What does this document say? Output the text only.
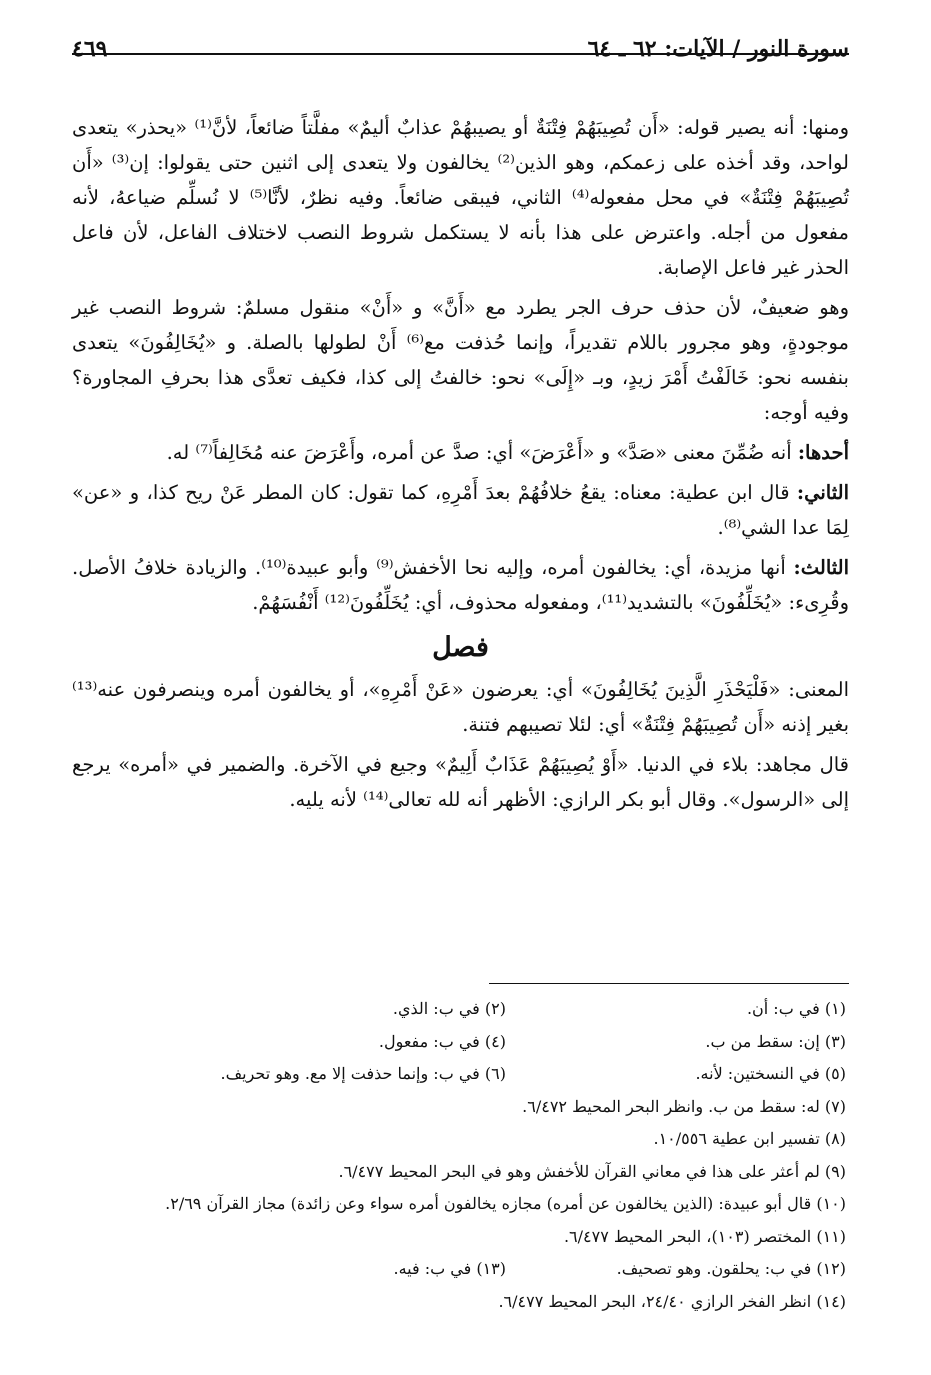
سورة النور / الآيات: ٦٢ ـ ٦٤
٤٦٩

ومنها: أنه يصير قوله: «أَن تُصِيبَهُمْ فِتْنَةٌ أو يصيبهُمْ عذابٌ أليمٌ» مفلَّتاً ضائعاً، لأنَّ⁽¹⁾ «يحذر» يتعدى لواحد، وقد أخذه على زعمكم، وهو الذين⁽²⁾ يخالفون ولا يتعدى إلى اثنين حتى يقولوا: إن⁽³⁾ «أَن تُصِيبَهُمْ فِتْنَةٌ» في محل مفعوله⁽⁴⁾ الثاني، فيبقى ضائعاً. وفيه نظرٌ، لأنَّا⁽⁵⁾ لا نُسلِّم ضياعهُ، لأنه مفعول من أجله. واعترض على هذا بأنه لا يستكمل شروط النصب لاختلاف الفاعل، لأن فاعل الحذر غير فاعل الإصابة.

وهو ضعيفٌ، لأن حذف حرف الجر يطرد مع «أَنَّ» و «أَنْ» منقول مسلمٌ: شروط النصب غير موجودةٍ، وهو مجرور باللام تقديراً، وإنما حُذفت مع⁽⁶⁾ أَنْ لطولها بالصلة. و «يُخَالِفُونَ» يتعدى بنفسه نحو: خَالَفْتُ أَمْرَ زيدٍ، وبـ «إِلَى» نحو: خالفتُ إلى كذا، فكيف تعدَّى هذا بحرفِ المجاورة؟ وفيه أوجه:

أحدها: أنه ضُمِّنَ معنى «صَدَّ» و «أَعْرَضَ» أي: صدَّ عن أمره، وأَعْرَضَ عنه مُخَالِفاً⁽⁷⁾ له.

الثاني: قال ابن عطية: معناه: يقعُ خلافُهُمْ بعدَ أَمْرِهِ، كما تقول: كان المطر عَنْ ريح كذا، و «عن» لِمَا عدا الشي⁽⁸⁾.

الثالث: أنها مزيدة، أي: يخالفون أمره، وإليه نحا الأخفش⁽⁹⁾ وأبو عبيدة⁽¹⁰⁾. والزيادة خلافُ الأصل. وقُرِىء: «يُخَلِّفُونَ» بالتشديد⁽¹¹⁾، ومفعوله محذوف، أي: يُخَلِّفُونَ⁽¹²⁾ أَنْفُسَهُمْ.

فصل

المعنى: «فَلْيَحْذَرِ الَّذِينَ يُخَالِفُونَ» أي: يعرضون «عَنْ أَمْرِهِ»، أو يخالفون أمره وينصرفون عنه⁽¹³⁾ بغير إذنه «أَن تُصِيبَهُمْ فِتْنَةٌ» أي: لئلا تصيبهم فتنة.

قال مجاهد: بلاء في الدنيا. «أَوْ يُصِيبَهُمْ عَذَابٌ أَلِيمٌ» وجيع في الآخرة. والضمير في «أمره» يرجع إلى «الرسول». وقال أبو بكر الرازي: الأظهر أنه لله تعالى⁽¹⁴⁾ لأنه يليه.

(١) في ب: أن.
(٢) في ب: الذي.
(٣) إن: سقط من ب.
(٤) في ب: مفعول.
(٥) في النسختين: لأنه.
(٦) في ب: وإنما حذفت إلا مع. وهو تحريف.
(٧) له: سقط من ب. وانظر البحر المحيط ٦/٤٧٢.
(٨) تفسير ابن عطية ١٠/٥٥٦.
(٩) لم أعثر على هذا في معاني القرآن للأخفش وهو في البحر المحيط ٦/٤٧٧.
(١٠) قال أبو عبيدة: (الذين يخالفون عن أمره) مجازه يخالفون أمره سواء وعن زائدة) مجاز القرآن ٢/٦٩.
(١١) المختصر (١٠٣)، البحر المحيط ٦/٤٧٧.
(١٢) في ب: يحلقون. وهو تصحيف.
(١٣) في ب: فيه.
(١٤) انظر الفخر الرازي ٢٤/٤٠، البحر المحيط ٦/٤٧٧.
